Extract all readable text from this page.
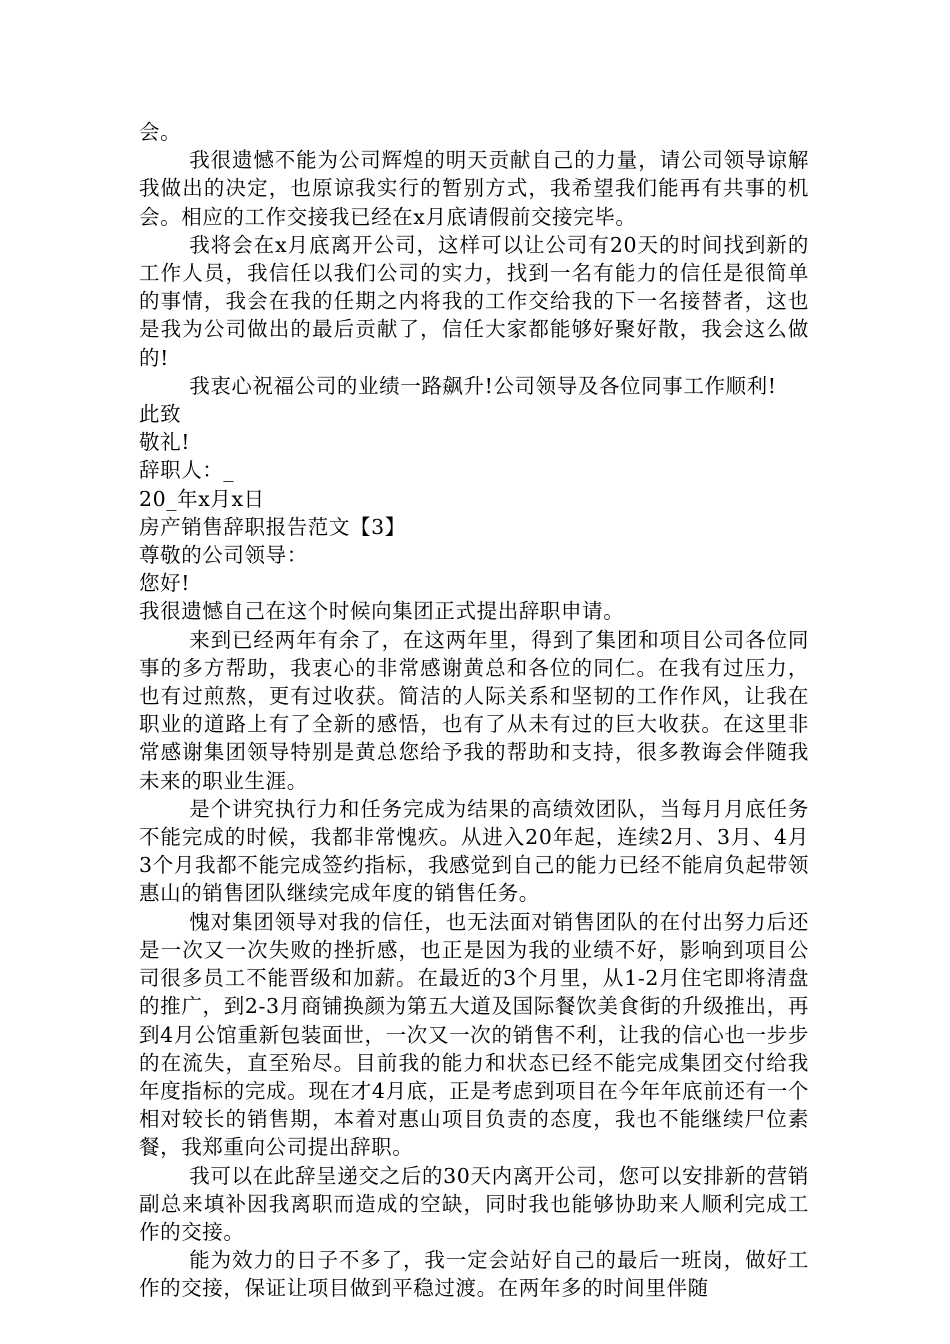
会。

我很遗憾不能为公司辉煌的明天贡献自己的力量，请公司领导谅解我做出的决定，也原谅我实行的暂别方式，我希望我们能再有共事的机会。相应的工作交接我已经在x月底请假前交接完毕。

我将会在x月底离开公司，这样可以让公司有20天的时间找到新的工作人员，我信任以我们公司的实力，找到一名有能力的信任是很简单的事情，我会在我的任期之内将我的工作交给我的下一名接替者，这也是我为公司做出的最后贡献了，信任大家都能够好聚好散，我会这么做的!

我衷心祝福公司的业绩一路飙升!公司领导及各位同事工作顺利!

此致

敬礼!

辞职人：_

20_年x月x日

房产销售辞职报告范文【3】

尊敬的公司领导：

您好!

我很遗憾自己在这个时候向集团正式提出辞职申请。

来到已经两年有余了，在这两年里，得到了集团和项目公司各位同事的多方帮助，我衷心的非常感谢黄总和各位的同仁。在我有过压力，也有过煎熬，更有过收获。简洁的人际关系和坚韧的工作作风，让我在职业的道路上有了全新的感悟，也有了从未有过的巨大收获。在这里非常感谢集团领导特别是黄总您给予我的帮助和支持，很多教诲会伴随我未来的职业生涯。

是个讲究执行力和任务完成为结果的高绩效团队，当每月月底任务不能完成的时候，我都非常愧疚。从进入20年起，连续2月、3月、4月3个月我都不能完成签约指标，我感觉到自己的能力已经不能肩负起带领惠山的销售团队继续完成年度的销售任务。

愧对集团领导对我的信任，也无法面对销售团队的在付出努力后还是一次又一次失败的挫折感，也正是因为我的业绩不好，影响到项目公司很多员工不能晋级和加薪。在最近的3个月里，从1-2月住宅即将清盘的推广，到2-3月商铺换颜为第五大道及国际餐饮美食街的升级推出，再到4月公馆重新包装面世，一次又一次的销售不利，让我的信心也一步步的在流失，直至殆尽。目前我的能力和状态已经不能完成集团交付给我年度指标的完成。现在才4月底，正是考虑到项目在今年年底前还有一个相对较长的销售期，本着对惠山项目负责的态度，我也不能继续尸位素餐，我郑重向公司提出辞职。

我可以在此辞呈递交之后的30天内离开公司，您可以安排新的营销副总来填补因我离职而造成的空缺，同时我也能够协助来人顺利完成工作的交接。

能为效力的日子不多了，我一定会站好自己的最后一班岗，做好工作的交接，保证让项目做到平稳过渡。在两年多的时间里伴随
